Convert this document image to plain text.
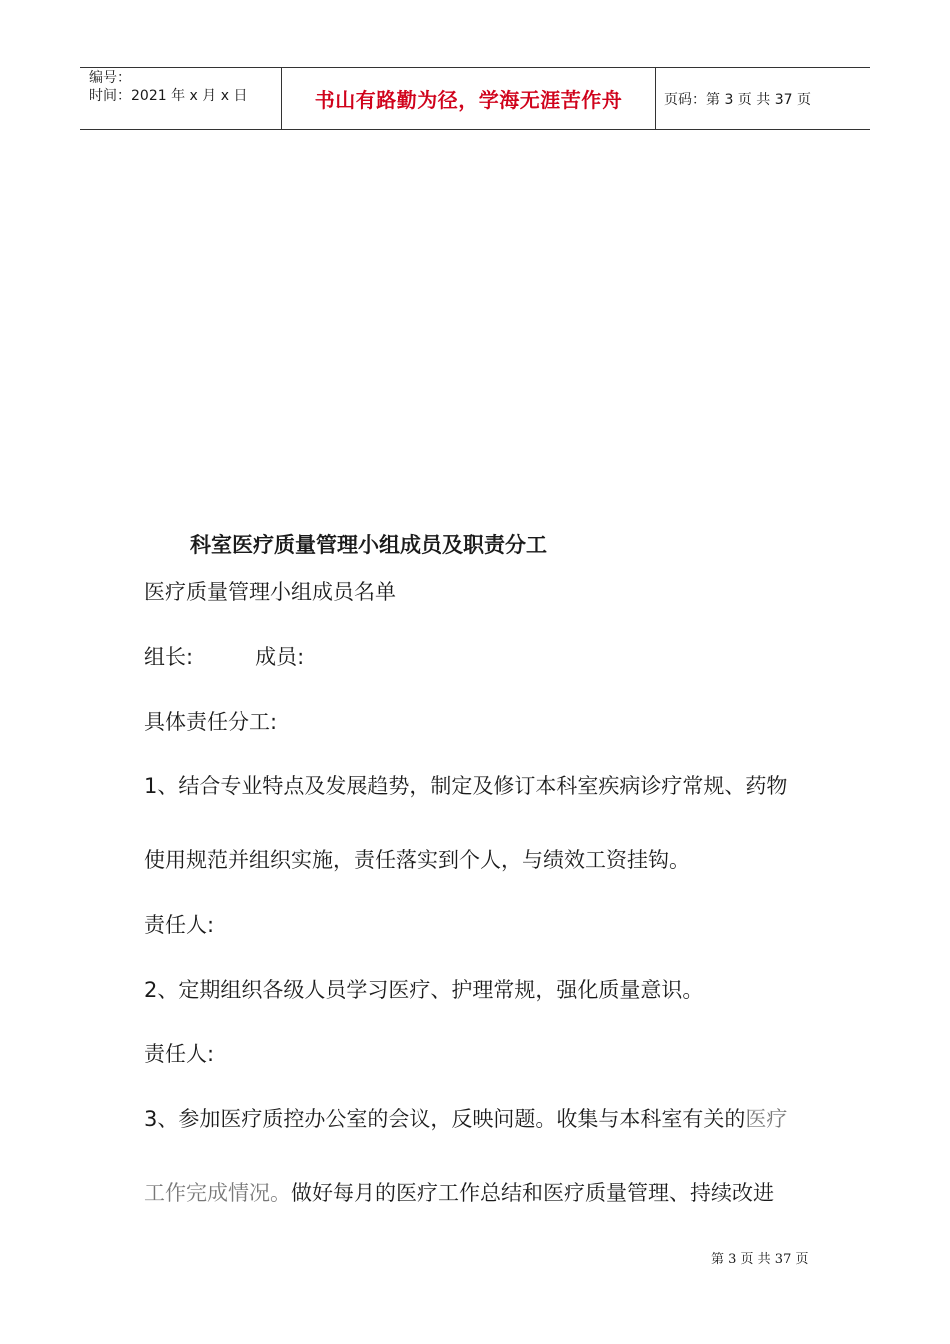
编号：
时间：2021 年 x 月 x 日	书山有路勤为径，学海无涯苦作舟	页码：第 3 页 共 37 页
科室医疗质量管理小组成员及职责分工
医疗质量管理小组成员名单
组长:	成员:
具体责任分工:
1、结合专业特点及发展趋势，制定及修订本科室疾病诊疗常规、药物
使用规范并组织实施，责任落实到个人，与绩效工资挂钩。
责任人:
2、定期组织各级人员学习医疗、护理常规，强化质量意识。
责任人:
3、参加医疗质控办公室的会议，反映问题。收集与本科室有关的医疗
工作完成情况。做好每月的医疗工作总结和医疗质量管理、持续改进
第 3 页 共 37 页
